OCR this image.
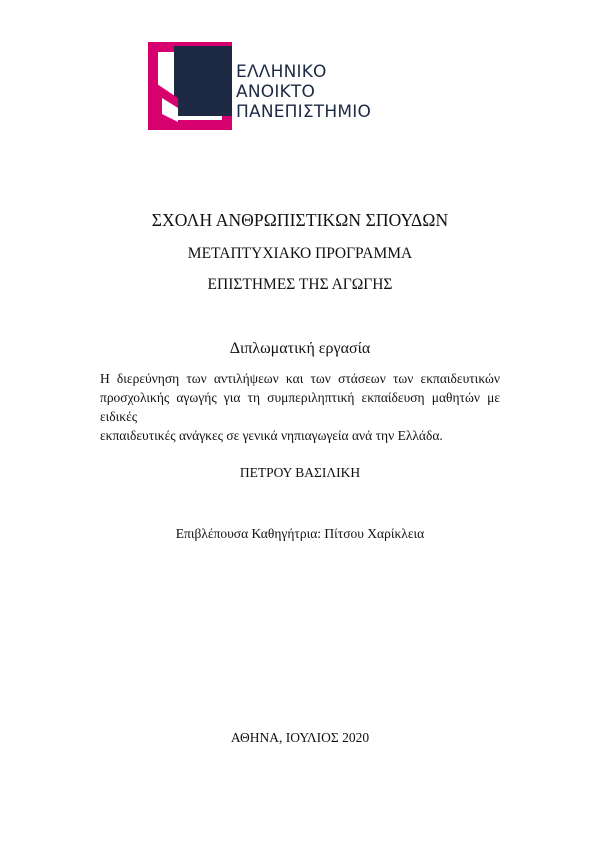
ΕΛΛΗΝΙΚΟ
ΑΝΟΙΚΤΟ
ΠΑΝΕΠΙΣΤΗΜΙΟ
ΣΧΟΛΗ ΑΝΘΡΩΠΙΣΤΙΚΩΝ ΣΠΟΥΔΩΝ
ΜΕΤΑΠΤΥΧΙΑΚΟ ΠΡΟΓΡΑΜΜΑ
ΕΠΙΣΤΗΜΕΣ ΤΗΣ ΑΓΩΓΗΣ
Διπλωματική εργασία
Η διερεύνηση των αντιλήψεων και των στάσεων των εκπαιδευτικών
προσχολικής αγωγής για τη συμπεριληπτική εκπαίδευση μαθητών με ειδικές
εκπαιδευτικές ανάγκες σε γενικά νηπιαγωγεία ανά την Ελλάδα.
ΠΕΤΡΟΥ ΒΑΣΙΛΙΚΗ
Επιβλέπουσα Καθηγήτρια: Πίτσου Χαρίκλεια
ΑΘΗΝΑ, ΙΟΥΛΙΟΣ 2020
